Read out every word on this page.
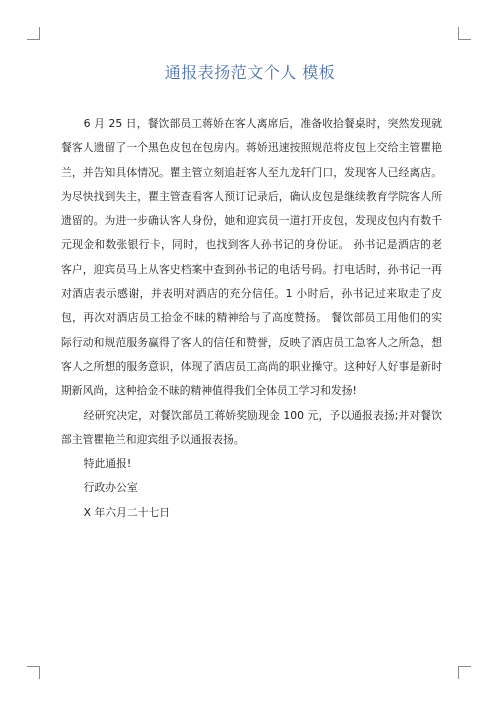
通报表扬范文个人 模板

6 月 25 日，餐饮部员工蒋娇在客人离席后，准备收拾餐桌时，突然发现就餐客人遗留了一个黑色皮包在包房内。蒋娇迅速按照规范将皮包上交给主管瞿艳兰，并告知具体情况。瞿主管立刻追赶客人至九龙轩门口，发现客人已经离店。为尽快找到失主，瞿主管查看客人预订记录后，确认皮包是继续教育学院客人所遗留的。为进一步确认客人身份，她和迎宾员一道打开皮包，发现皮包内有数千元现金和数张银行卡，同时，也找到客人孙书记的身份证。 孙书记是酒店的老客户，迎宾员马上从客史档案中查到孙书记的电话号码。打电话时，孙书记一再对酒店表示感谢，并表明对酒店的充分信任。1 小时后，孙书记过来取走了皮包，再次对酒店员工拾金不昧的精神给与了高度赞扬。 餐饮部员工用他们的实际行动和规范服务赢得了客人的信任和赞誉，反映了酒店员工急客人之所急，想客人之所想的服务意识，体现了酒店员工高尚的职业操守。这种好人好事是新时期新风尚，这种拾金不昧的精神值得我们全体员工学习和发扬!

经研究决定，对餐饮部员工蒋娇奖励现金 100 元，予以通报表扬;并对餐饮部主管瞿艳兰和迎宾组予以通报表扬。

特此通报!

行政办公室

X 年六月二十七日
